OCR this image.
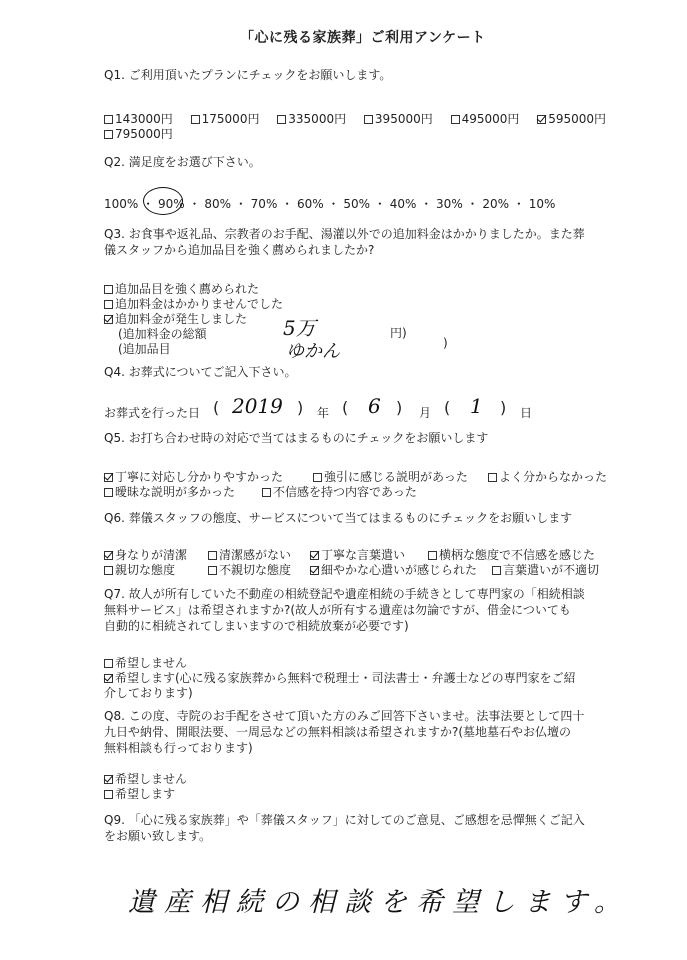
「心に残る家族葬」ご利用アンケート
Q1. ご利用頂いたプランにチェックをお願いします。
143000円 175000円 335000円 395000円 495000円 595000円
795000円
Q2. 満足度をお選び下さい。
100% ・ 90% ・ 80% ・ 70% ・ 60% ・ 50% ・ 40% ・ 30% ・ 20% ・ 10%
Q3. お食事や返礼品、宗教者のお手配、湯灌以外での追加料金はかかりましたか。また葬
儀スタッフから追加品目を強く薦められましたか?
追加品目を強く薦められた
追加料金はかかりませんでした
追加料金が発生しました
(追加料金の総額	5万	円)
(追加品目	ゆかん	)
Q4. お葬式についてご記入下さい。
お葬式を行った日 ( 2019 ) 年 ( 6 ) 月 ( 1 ) 日
Q5. お打ち合わせ時の対応で当てはまるものにチェックをお願いします
丁寧に対応し分かりやすかった	強引に感じる説明があった	よく分からなかった
曖昧な説明が多かった	不信感を持つ内容であった
Q6. 葬儀スタッフの態度、サービスについて当てはまるものにチェックをお願いします
身なりが清潔	清潔感がない	丁寧な言葉遣い	横柄な態度で不信感を感じた
親切な態度	不親切な態度	細やかな心遣いが感じられた	言葉遣いが不適切
Q7. 故人が所有していた不動産の相続登記や遺産相続の手続きとして専門家の「相続相談
無料サービス」は希望されますか?(故人が所有する遺産は勿論ですが、借金についても
自動的に相続されてしまいますので相続放棄が必要です)
希望しません
希望します(心に残る家族葬から無料で税理士・司法書士・弁護士などの専門家をご紹
介しております)
Q8. この度、寺院のお手配をさせて頂いた方のみご回答下さいませ。法事法要として四十
九日や納骨、開眼法要、一周忌などの無料相談は希望されますか?(墓地墓石やお仏壇の
無料相談も行っております)
希望しません
希望します
Q9. 「心に残る家族葬」や「葬儀スタッフ」に対してのご意見、ご感想を忌憚無くご記入
をお願い致します。
遺産相続の相談を希望します。
